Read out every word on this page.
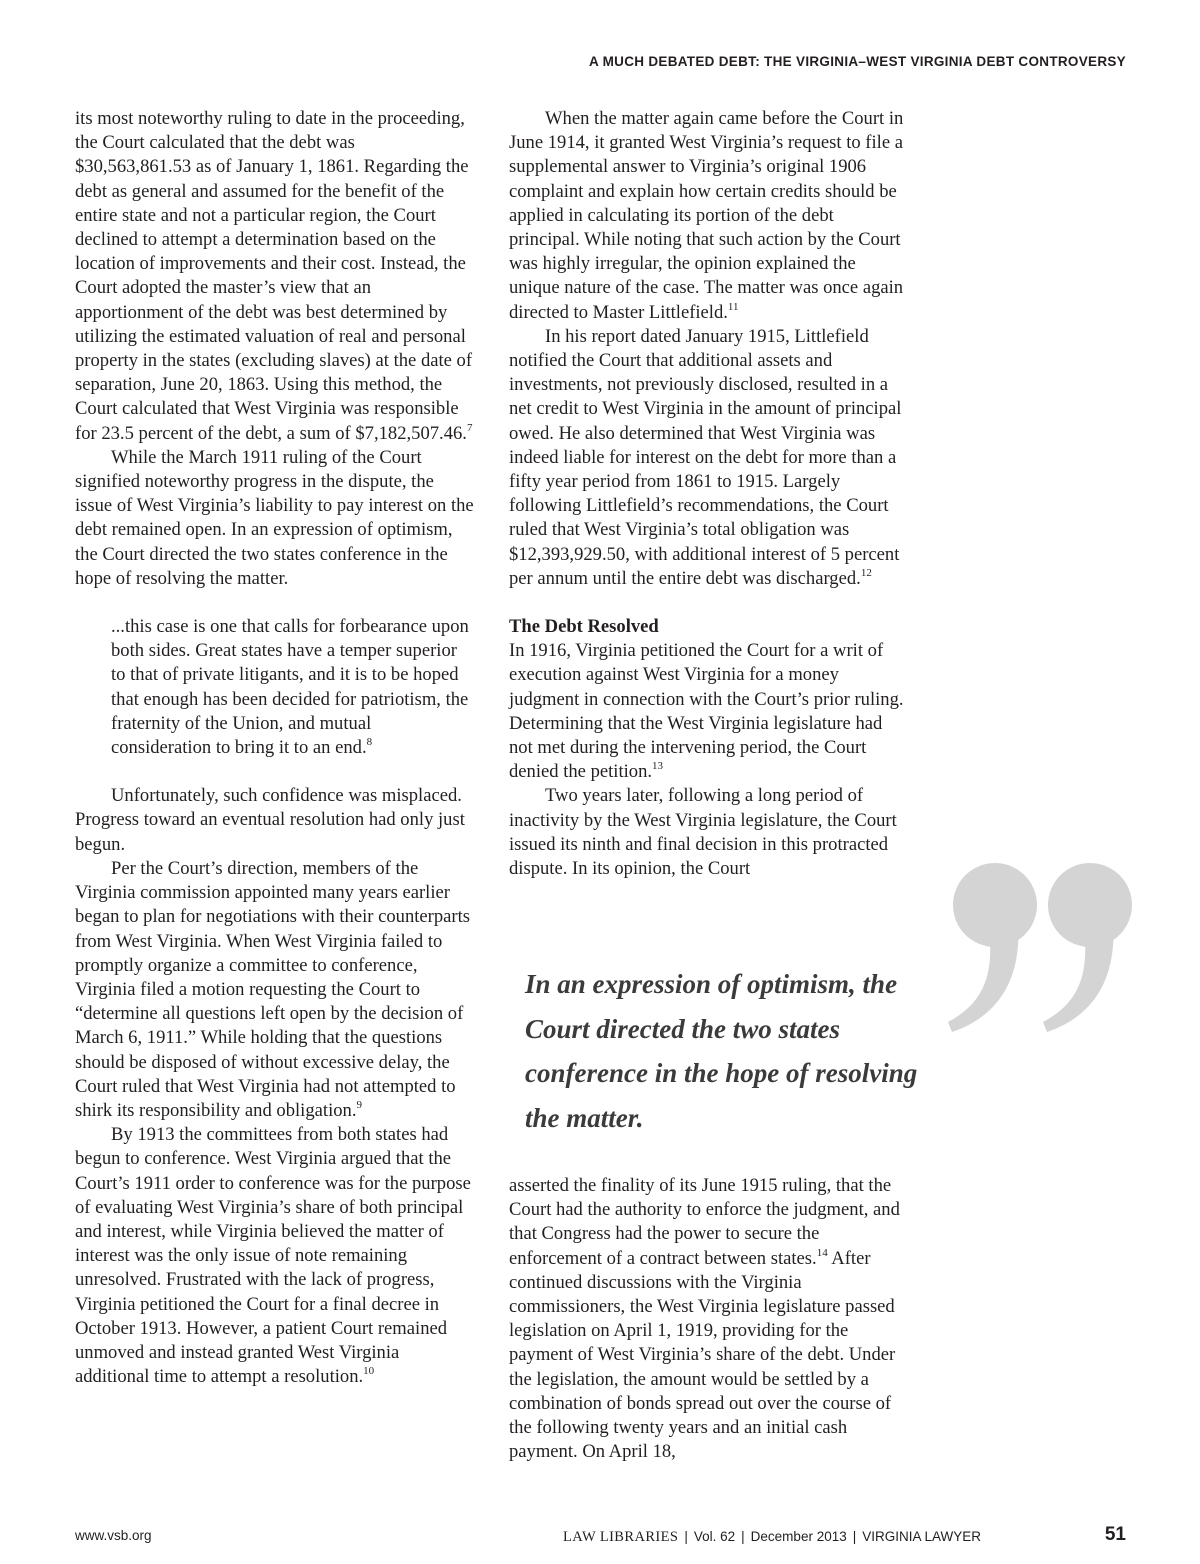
A MUCH DEBATED DEBT: THE VIRGINIA–WEST VIRGINIA DEBT CONTROVERSY

its most noteworthy ruling to date in the proceeding, the Court calculated that the debt was $30,563,861.53 as of January 1, 1861. Regarding the debt as general and assumed for the benefit of the entire state and not a particular region, the Court declined to attempt a determination based on the location of improvements and their cost. Instead, the Court adopted the master’s view that an apportionment of the debt was best determined by utilizing the estimated valuation of real and personal property in the states (excluding slaves) at the date of separation, June 20, 1863. Using this method, the Court calculated that West Virginia was responsible for 23.5 percent of the debt, a sum of $7,182,507.46.$^7$

While the March 1911 ruling of the Court signified noteworthy progress in the dispute, the issue of West Virginia’s liability to pay interest on the debt remained open. In an expression of optimism, the Court directed the two states conference in the hope of resolving the matter.

...this case is one that calls for forbearance upon both sides. Great states have a temper superior to that of private litigants, and it is to be hoped that enough has been decided for patriotism, the fraternity of the Union, and mutual consideration to bring it to an end.$^8$

Unfortunately, such confidence was misplaced. Progress toward an eventual resolution had only just begun.

Per the Court’s direction, members of the Virginia commission appointed many years earlier began to plan for negotiations with their counterparts from West Virginia. When West Virginia failed to promptly organize a committee to conference, Virginia filed a motion requesting the Court to “determine all questions left open by the decision of March 6, 1911.” While holding that the questions should be disposed of without excessive delay, the Court ruled that West Virginia had not attempted to shirk its responsibility and obligation.$^9$

By 1913 the committees from both states had begun to conference. West Virginia argued that the Court’s 1911 order to conference was for the purpose of evaluating West Virginia’s share of both principal and interest, while Virginia believed the matter of interest was the only issue of note remaining unresolved. Frustrated with the lack of progress, Virginia petitioned the Court for a final decree in October 1913. However, a patient Court remained unmoved and instead granted West Virginia additional time to attempt a resolution.$^{10}$

When the matter again came before the Court in June 1914, it granted West Virginia’s request to file a supplemental answer to Virginia’s original 1906 complaint and explain how certain credits should be applied in calculating its portion of the debt principal. While noting that such action by the Court was highly irregular, the opinion explained the unique nature of the case. The matter was once again directed to Master Littlefield.$^{11}$

In his report dated January 1915, Littlefield notified the Court that additional assets and investments, not previously disclosed, resulted in a net credit to West Virginia in the amount of principal owed. He also determined that West Virginia was indeed liable for interest on the debt for more than a fifty year period from 1861 to 1915. Largely following Littlefield’s recommendations, the Court ruled that West Virginia’s total obligation was $12,393,929.50, with additional interest of 5 percent per annum until the entire debt was discharged.$^{12}$

The Debt Resolved

In 1916, Virginia petitioned the Court for a writ of execution against West Virginia for a money judgment in connection with the Court’s prior ruling. Determining that the West Virginia legislature had not met during the intervening period, the Court denied the petition.$^{13}$

Two years later, following a long period of inactivity by the West Virginia legislature, the Court issued its ninth and final decision in this protracted dispute. In its opinion, the Court

In an expression of optimism, the
Court directed the two states
conference in the hope of resolving
the matter.

asserted the finality of its June 1915 ruling, that the Court had the authority to enforce the judgment, and that Congress had the power to secure the enforcement of a contract between states.$^{14}$ After continued discussions with the Virginia commissioners, the West Virginia legislature passed legislation on April 1, 1919, providing for the payment of West Virginia’s share of the debt. Under the legislation, the amount would be settled by a combination of bonds spread out over the course of the following twenty years and an initial cash payment. On April 18,

www.vsb.org	LAW LIBRARIES | Vol. 62 | December 2013 | VIRGINIA LAWYER	51
